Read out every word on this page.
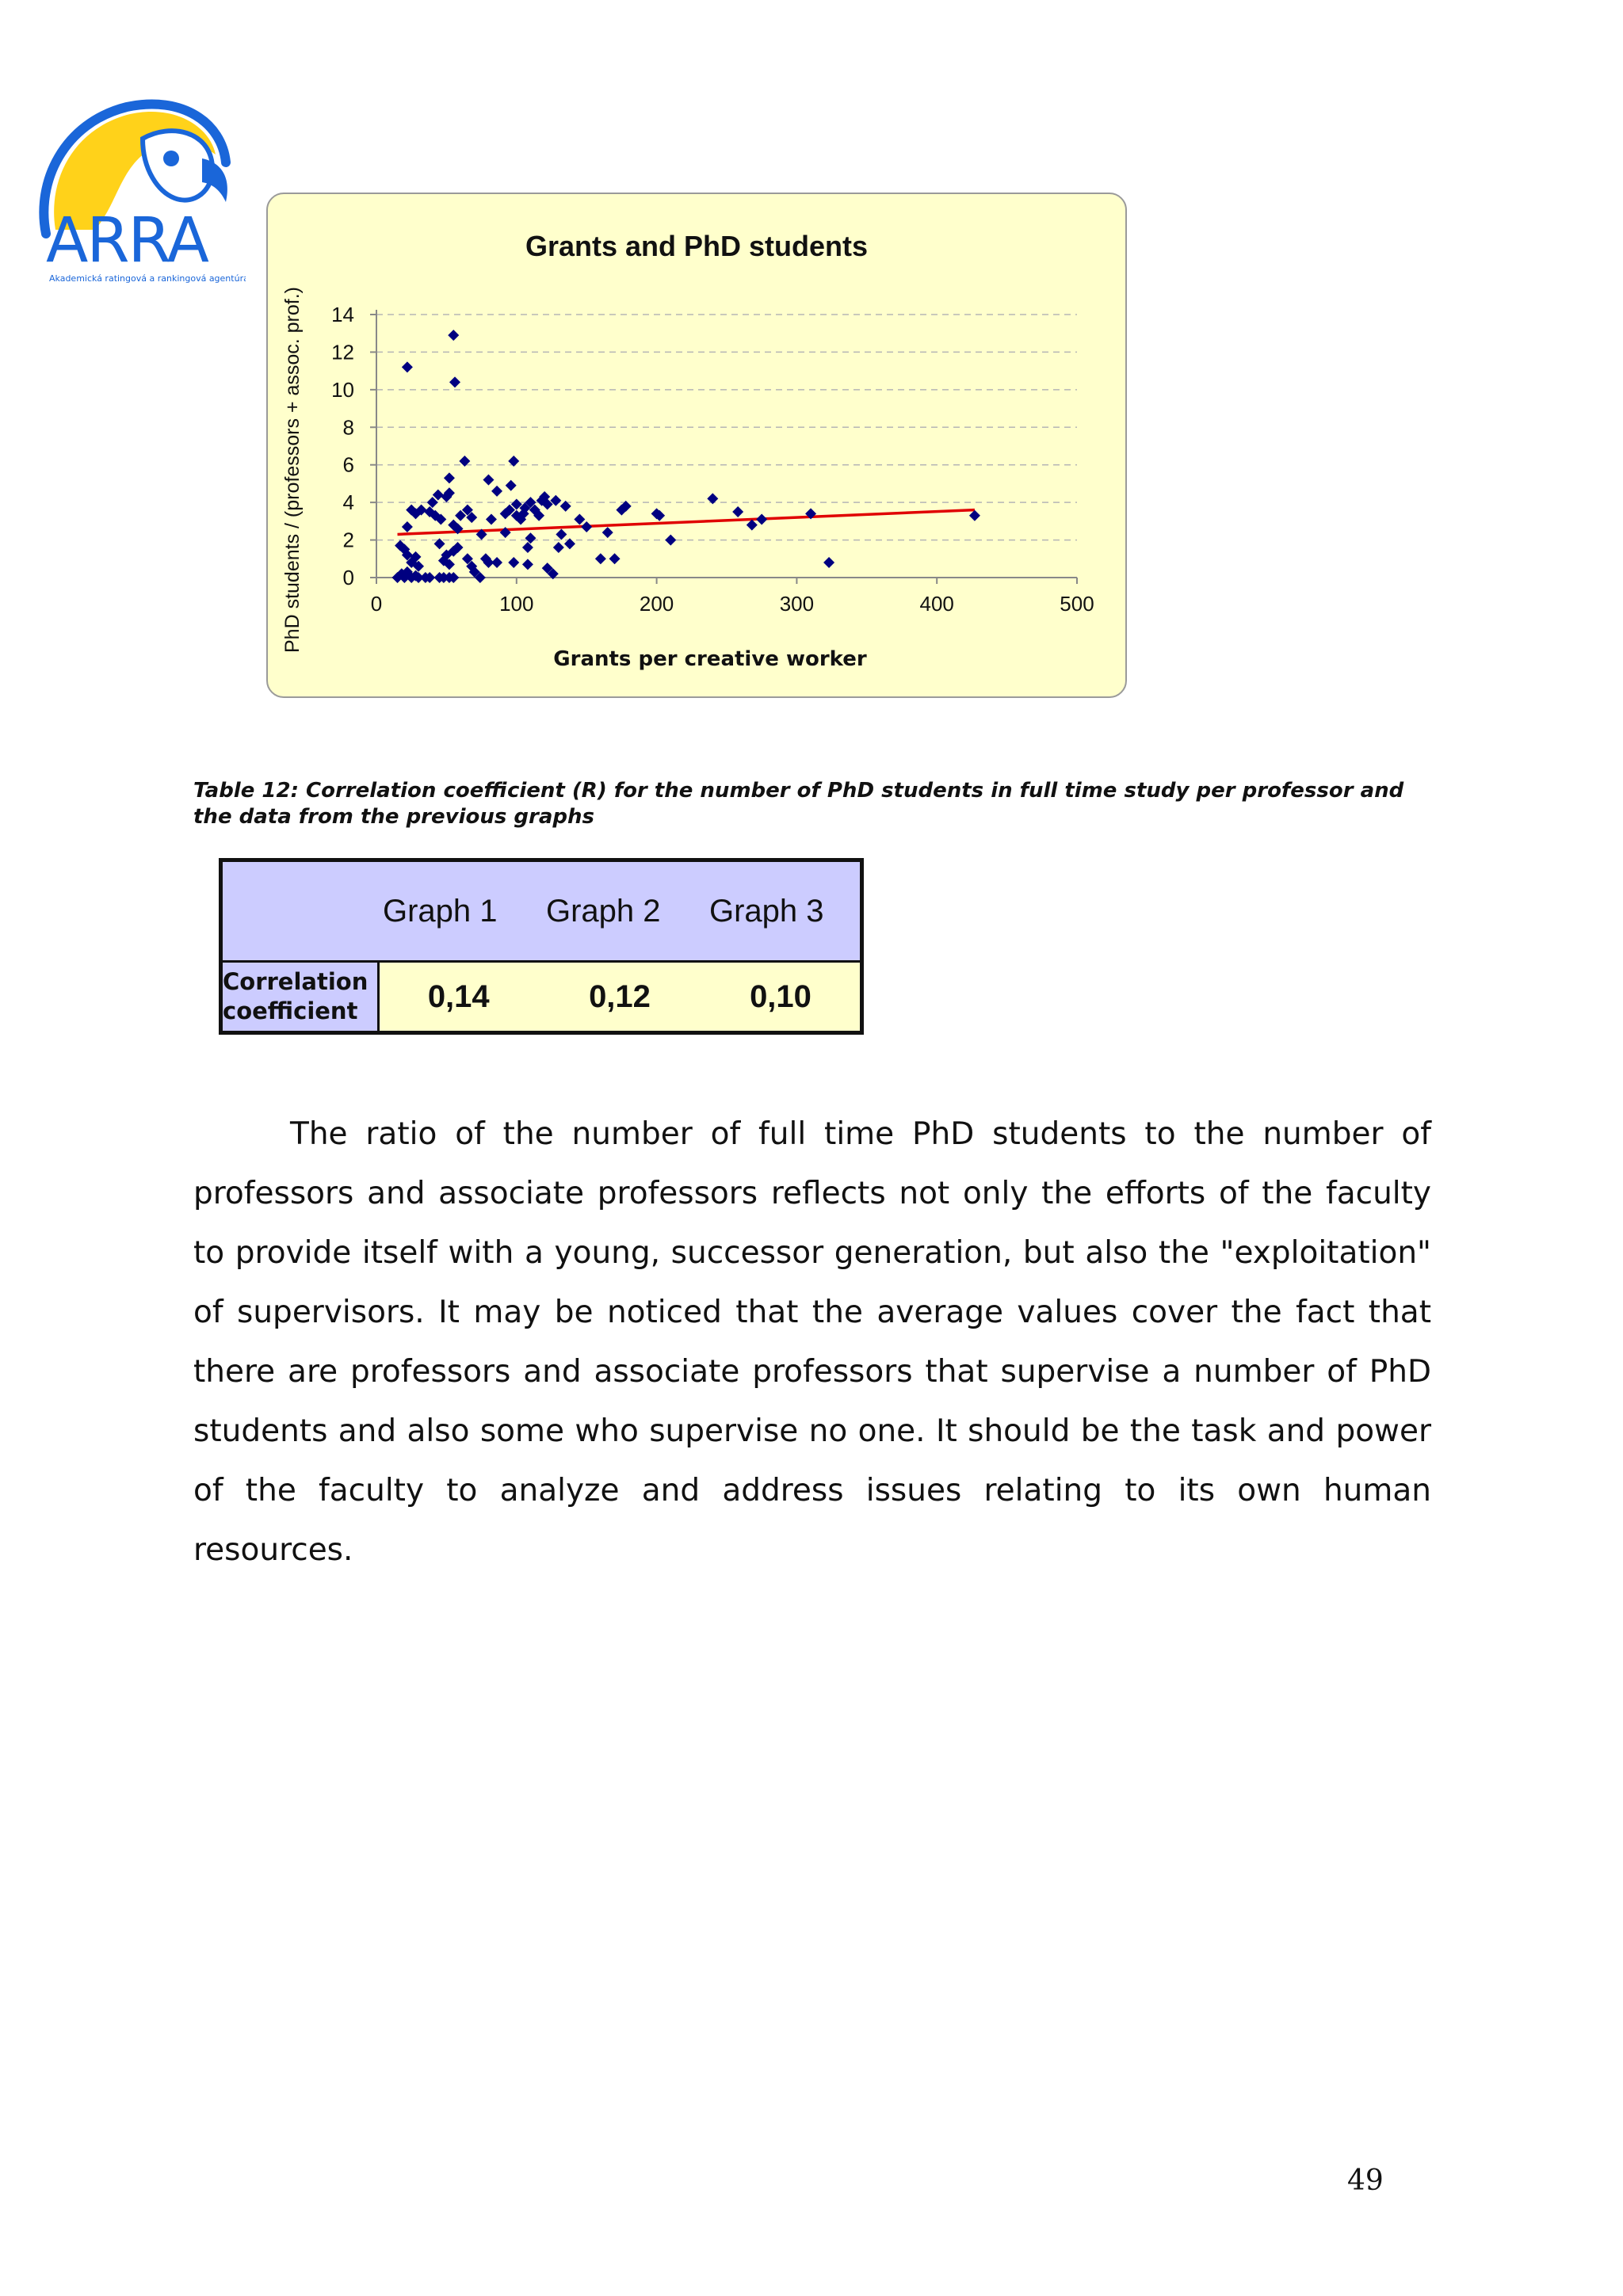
ARRA
Akademická ratingová a rankingová agentúra
Grants and PhD students
0
2
4
6
8
10
12
14
0	100	200	300	400	500
Grants per creative worker
PhD students / (professors + assoc. prof.)
Table 12: Correlation coefficient (R) for the number of PhD students in full time study per professor and the data from the previous graphs
	Graph 1	Graph 2	Graph 3

Correlation
coefficient	0,14	0,12	0,10

The ratio of the number of full time PhD students to the number of professors and associate professors reflects not only the efforts of the faculty to provide itself with a young, successor generation, but also the "exploitation" of supervisors. It may be noticed that the average values cover the fact that there are professors and associate professors that supervise a number of PhD students and also some who supervise no one. It should be the task and power of the faculty to analyze and address issues relating to its own human resources.

49
